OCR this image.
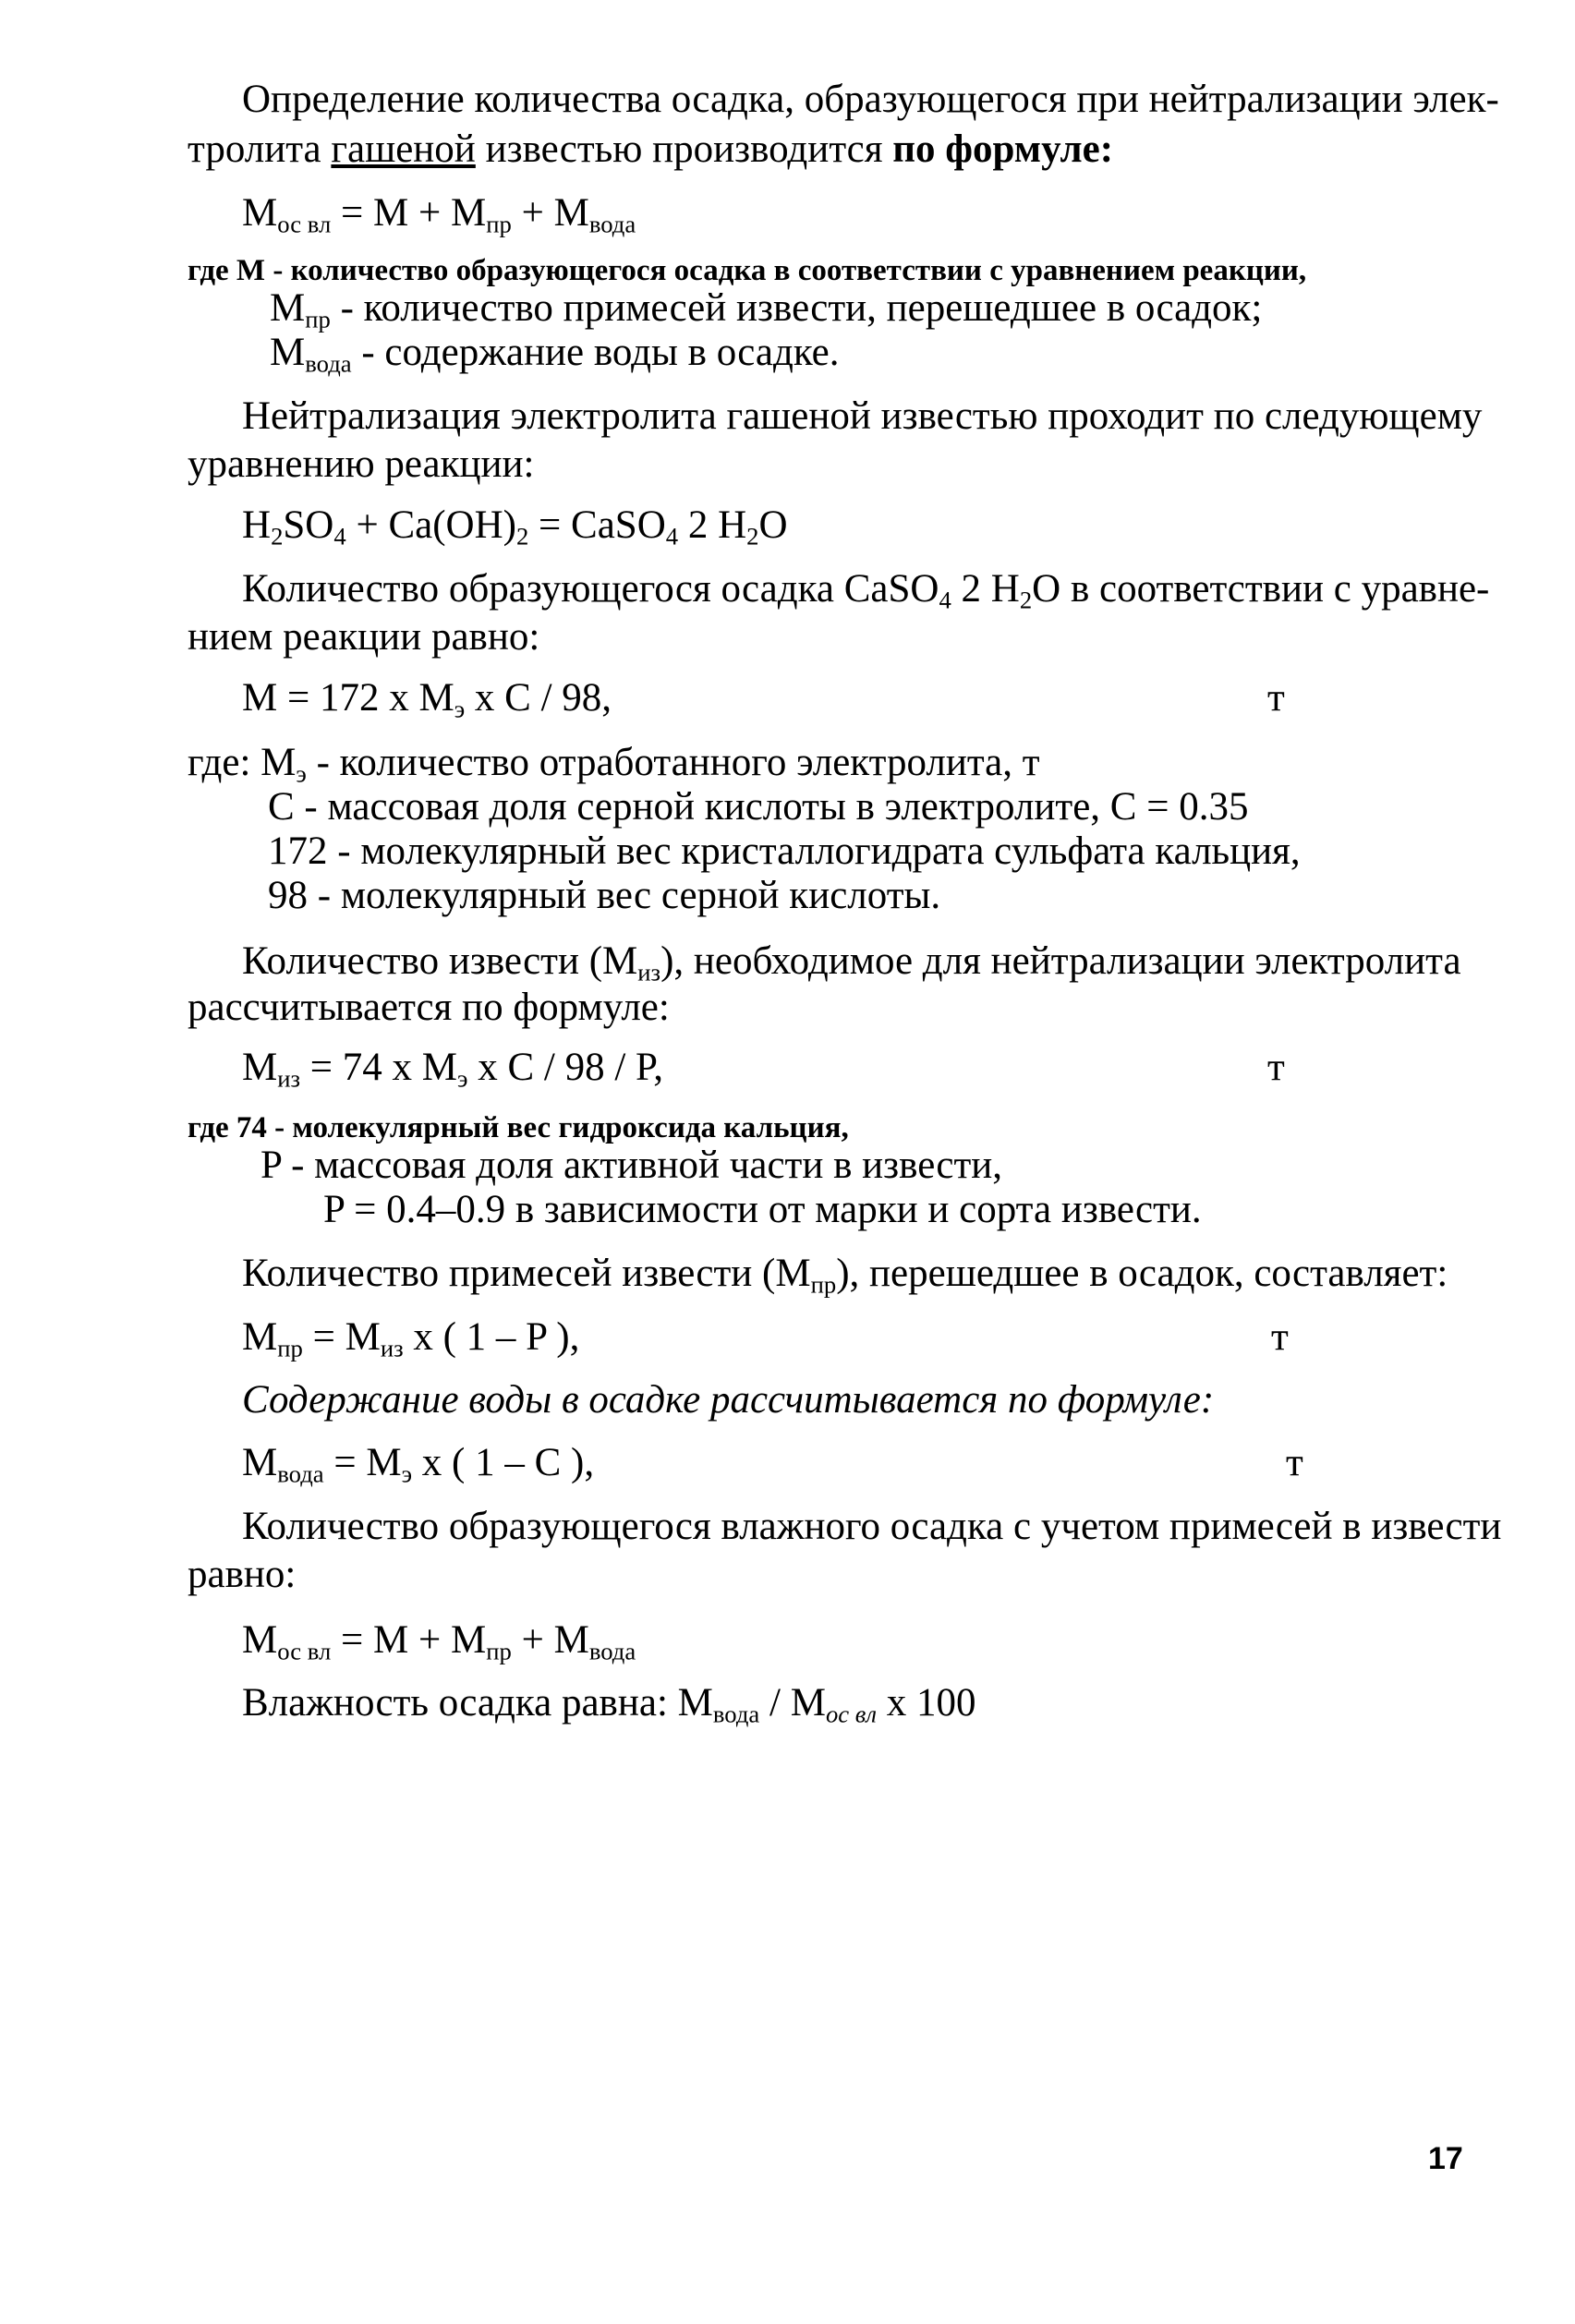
Определение количества осадка, образующегося при нейтрализации элек-
тролита гашеной известью производится по формуле:
$M_{ос вл} = M + M_{пр} + M_{вода}$
где M - количество образующегося осадка в соответствии с уравнением реакции,
$M_{пр}$ - количество примесей извести, перешедшее в осадок;
$M_{вода}$ - содержание воды в осадке.
Нейтрализация электролита гашеной известью проходит по следующему
уравнению реакции:
$H_2SO_4 + Ca(OH)_2$ = CaSO$_4$ 2 $H_2O$
Количество образующегося осадка CaSO$_4$ 2 $H_2O$ в соответствии с уравне-
нием реакции равно:
M = 172 x $M_э$ x C / 98,	т
где: $M_э$ - количество отработанного электролита, т
C - массовая доля серной кислоты в электролите, C = 0.35
172 - молекулярный вес кристаллогидрата сульфата кальция,
98 - молекулярный вес серной кислоты.
Количество извести $(M_{из})$, необходимое для нейтрализации электролита
рассчитывается по формуле:
$M_{из} = 74$ x $M_э$ x C / 98 / P,	т
где 74 - молекулярный вес гидроксида кальция,
P - массовая доля активной части в извести,
P = 0.4–0.9 в зависимости от марки и сорта извести.
Количество примесей извести $(M_{пр})$, перешедшее в осадок, составляет:
$M_{пр} = M_{из}$ x ( 1 – P ),	т
Содержание воды в осадке рассчитывается по формуле:
$M_{вода} = M_э$ x ( 1 – C ),	т
Количество образующегося влажного осадка с учетом примесей в извести
равно:
$M_{ос вл} = M + M_{пр} + M_{вода}$
Влажность осадка равна: $M_{вода} / M_{ос вл}$ x 100
17
